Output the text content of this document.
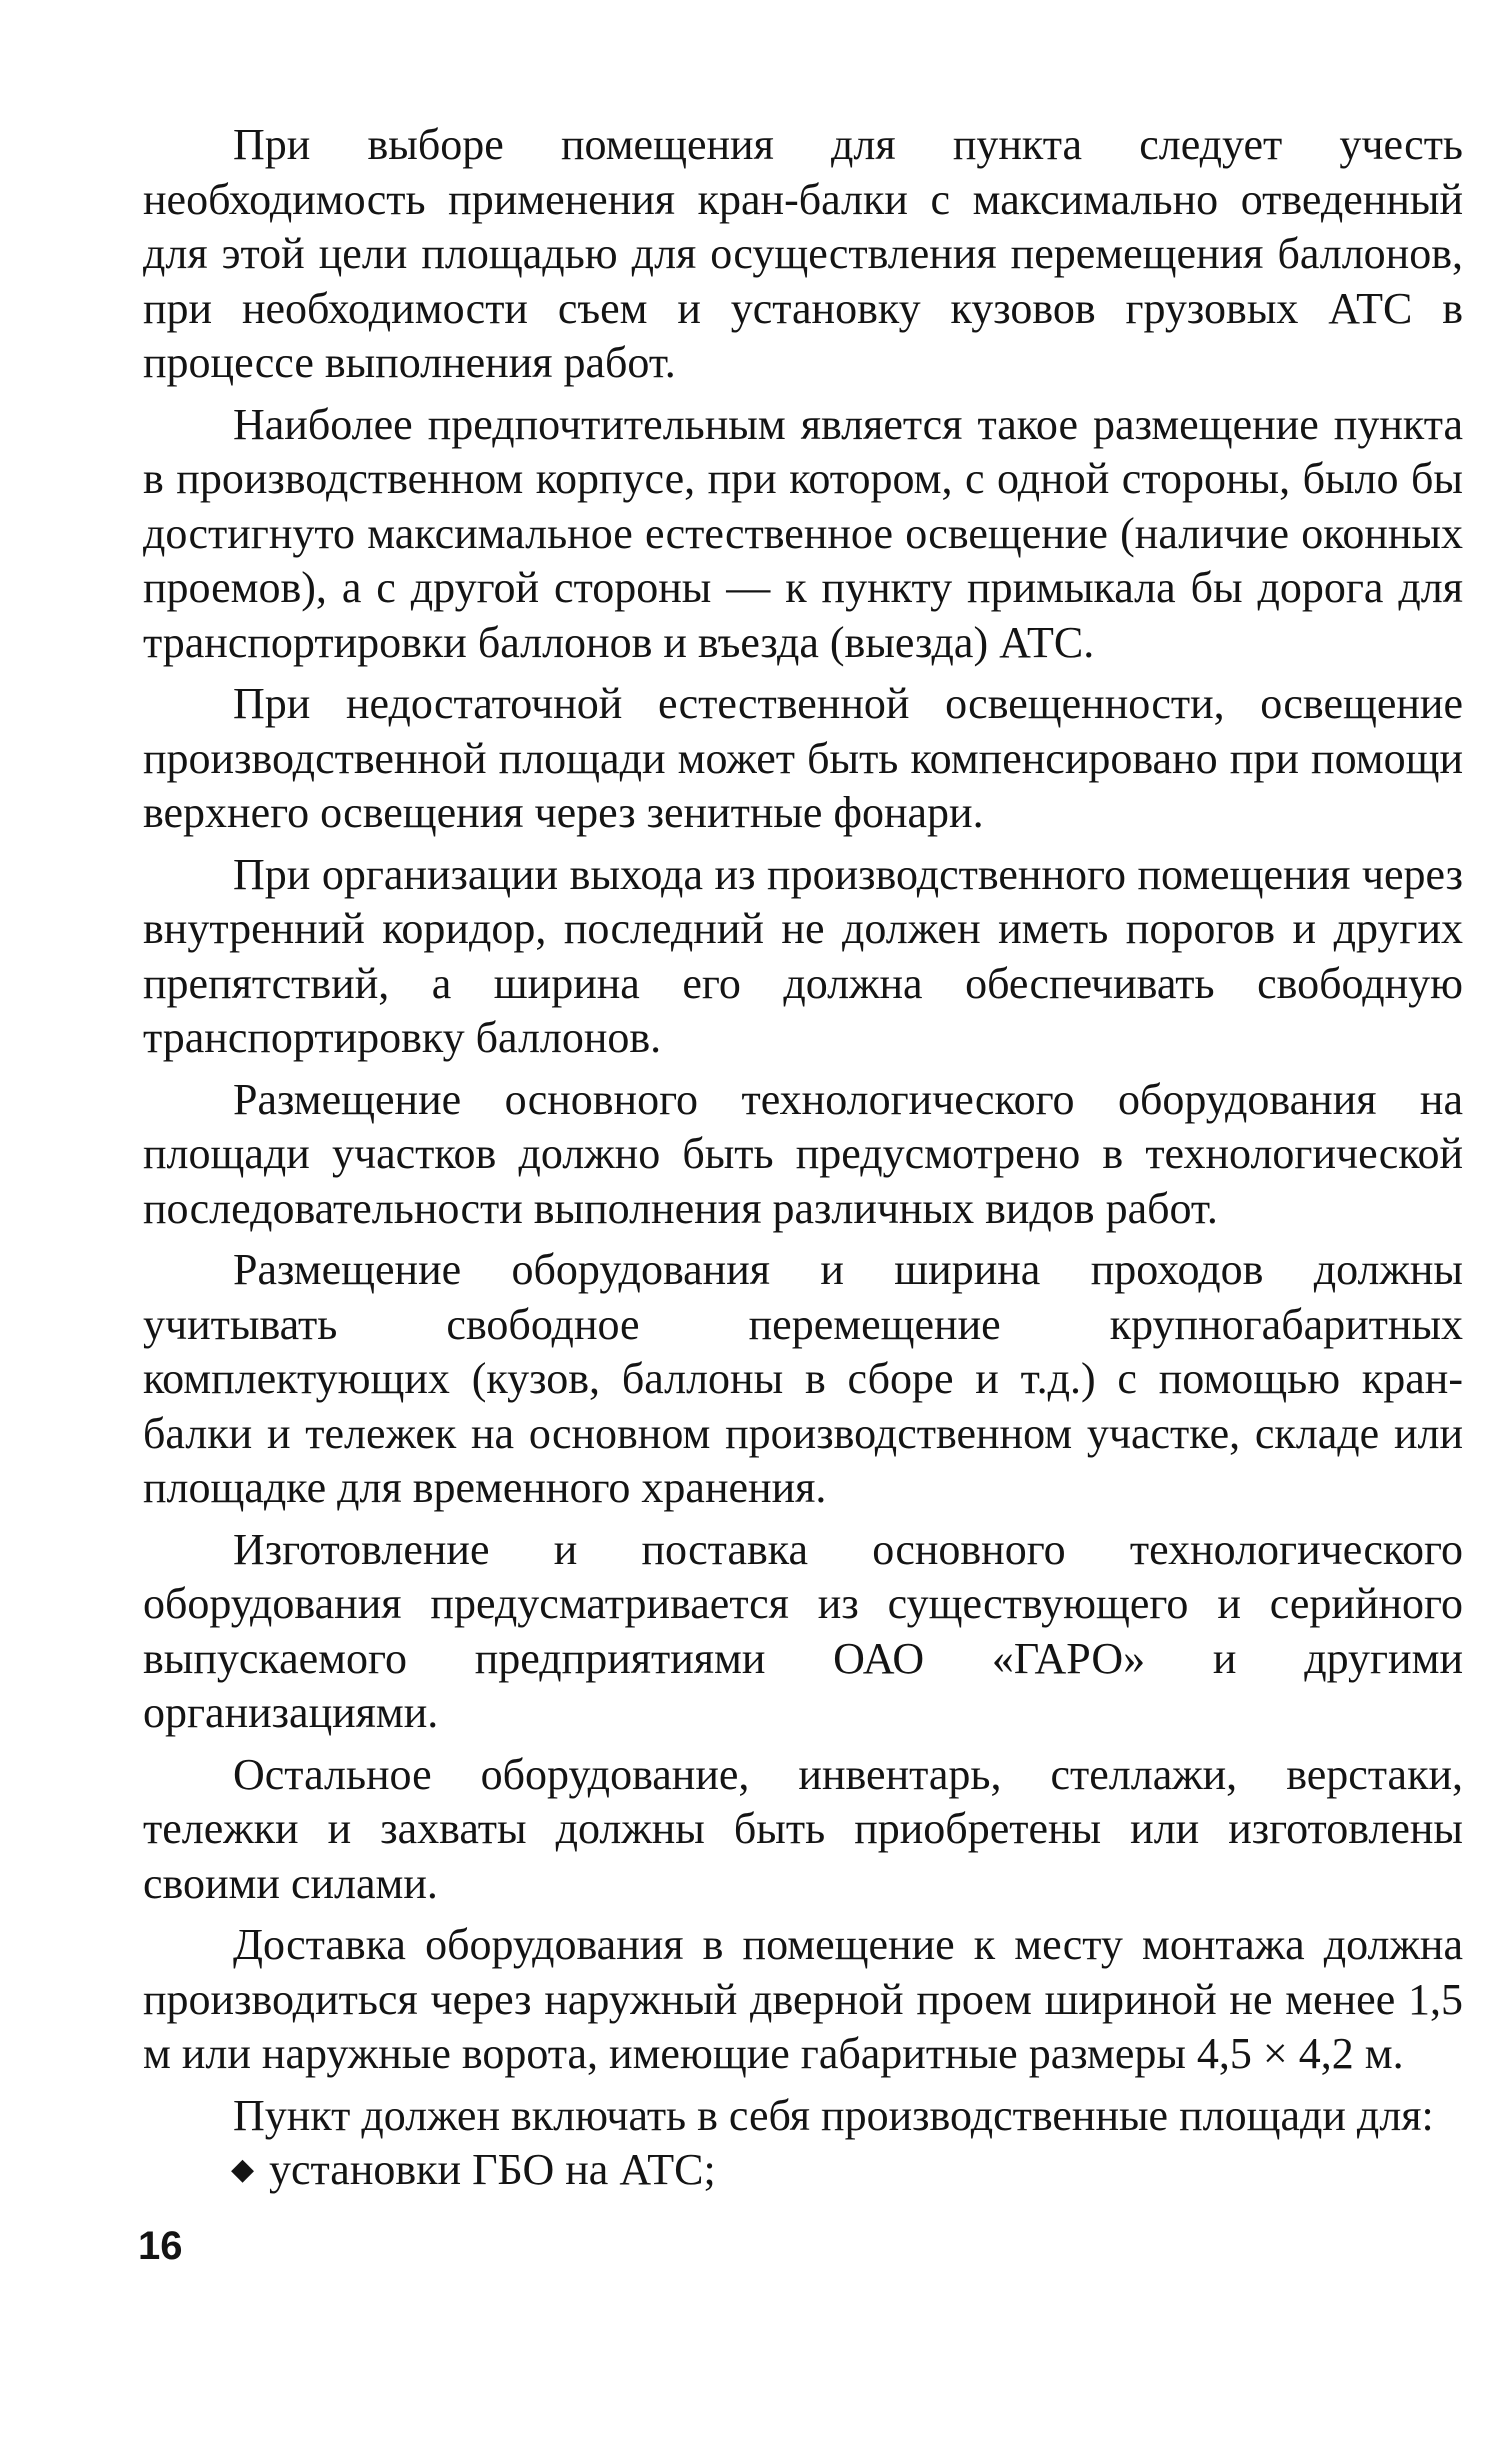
При выборе помещения для пункта следует учесть необходимость применения кран-балки с максимально отведенный для этой цели площадью для осуществления перемещения баллонов, при необходимости съем и установку кузовов грузовых АТС в процессе выполнения работ.

Наиболее предпочтительным является такое размещение пункта в производственном корпусе, при котором, с одной стороны, было бы достигнуто максимальное естественное освещение (наличие оконных проемов), а с другой стороны — к пункту примыкала бы дорога для транспортировки баллонов и въезда (выезда) АТС.

При недостаточной естественной освещенности, освещение производственной площади может быть компенсировано при помощи верхнего освещения через зенитные фонари.

При организации выхода из производственного помещения через внутренний коридор, последний не должен иметь порогов и других препятствий, а ширина его должна обеспечивать свободную транспортировку баллонов.

Размещение основного технологического оборудования на площади участков должно быть предусмотрено в технологической последовательности выполнения различных видов работ.

Размещение оборудования и ширина проходов должны учитывать свободное перемещение крупногабаритных комплектующих (кузов, баллоны в сборе и т.д.) с помощью кран-балки и тележек на основном производственном участке, складе или площадке для временного хранения.

Изготовление и поставка основного технологического оборудования предусматривается из существующего и серийного выпускаемого предприятиями ОАО «ГАРО» и другими организациями.

Остальное оборудование, инвентарь, стеллажи, верстаки, тележки и захваты должны быть приобретены или изготовлены своими силами.

Доставка оборудования в помещение к месту монтажа должна производиться через наружный дверной проем шириной не менее 1,5 м или наружные ворота, имеющие габаритные размеры 4,5 × 4,2 м.

Пункт должен включать в себя производственные площади для:

◆ установки ГБО на АТС;
16
